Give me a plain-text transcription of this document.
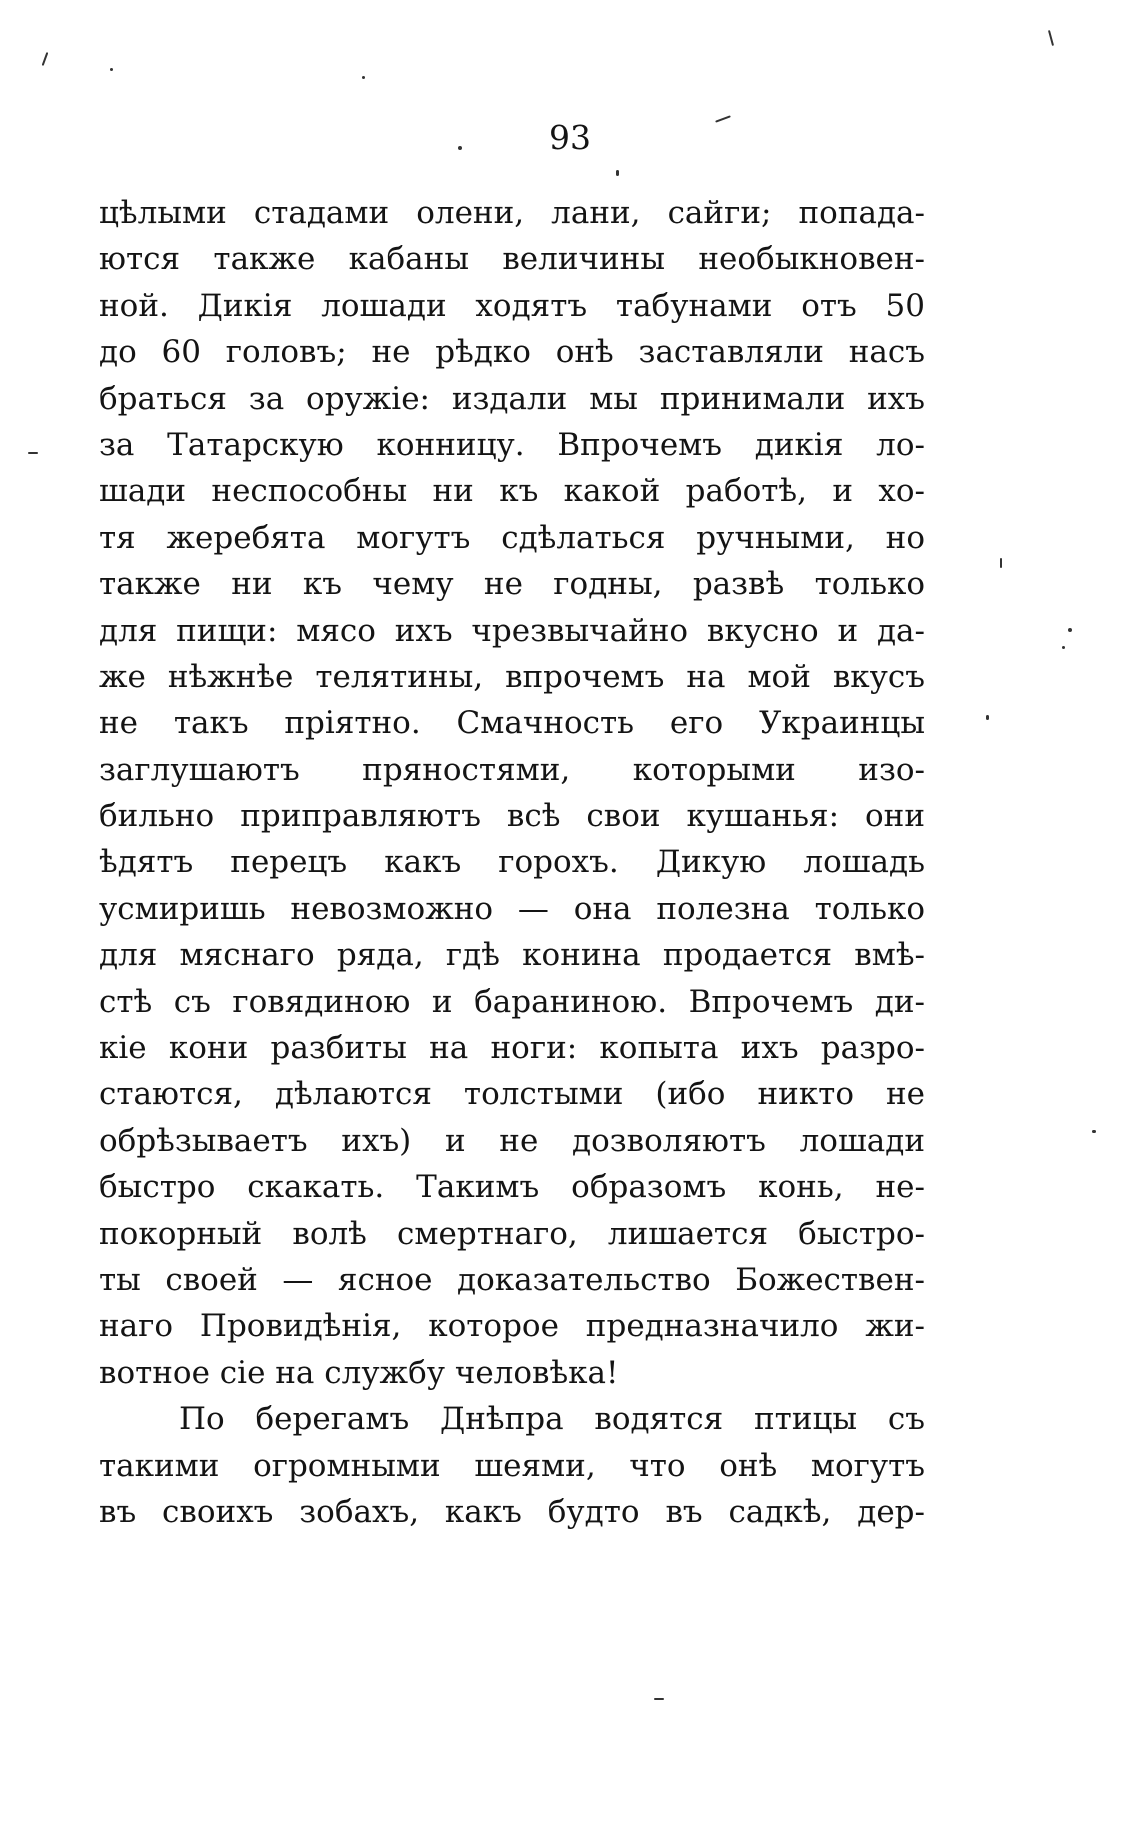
93
цѣлыми стадами олени, лани, сайги; попада-
ются также кабаны величины необыкновен-
ной. Дикія лошади ходятъ табунами отъ 50
до 60 головъ; не рѣдко онѣ заставляли насъ
браться за оружіе: издали мы принимали ихъ
за Татарскую конницу. Впрочемъ дикія ло-
шади неспособны ни къ какой работѣ, и хо-
тя жеребята могутъ сдѣлаться ручными, но
также ни къ чему не годны, развѣ только
для пищи: мясо ихъ чрезвычайно вкусно и да-
же нѣжнѣе телятины, впрочемъ на мой вкусъ
не такъ пріятно. Смачность его Украинцы
заглушаютъ пряностями, которыми изо-
бильно приправляютъ всѣ свои кушанья: они
ѣдятъ перецъ какъ горохъ. Дикую лошадь
усмиришь невозможно — она полезна только
для мяснаго ряда, гдѣ конина продается вмѣ-
стѣ съ говядиною и бараниною. Впрочемъ ди-
кіе кони разбиты на ноги: копыта ихъ разро-
стаются, дѣлаются толстыми (ибо никто не
обрѣзываетъ ихъ) и не дозволяютъ лошади
быстро скакать. Такимъ образомъ конь, не-
покорный волѣ смертнаго, лишается быстро-
ты своей — ясное доказательство Божествен-
наго Провидѣнія, которое предназначило жи-
вотное сіе на службу человѣка!
По берегамъ Днѣпра водятся птицы съ
такими огромными шеями, что онѣ могутъ
въ своихъ зобахъ, какъ будто въ садкѣ, дер-
